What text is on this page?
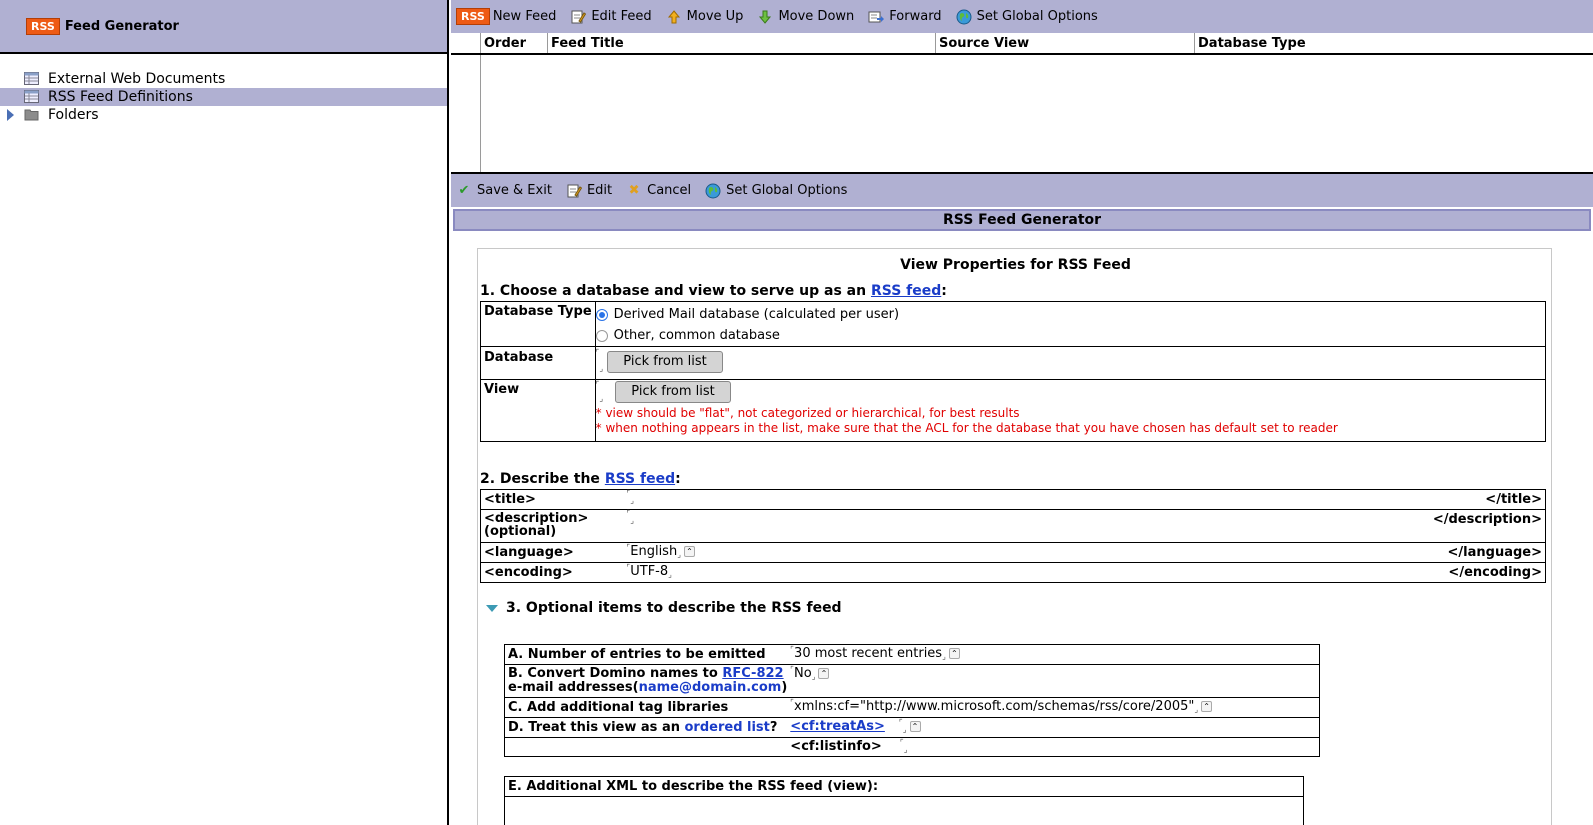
RSS Feed Generator
External Web Documents
RSS Feed Definitions
Folders
RSS New Feed	Edit Feed	Move Up	Move Down	Forward	Set Global Options
Order	Feed Title	Source View	Database Type
✔ Save & Exit	Edit ✖ Cancel	Set Global Options
RSS Feed Generator
View Properties for RSS Feed
1. Choose a database and view to serve up as an RSS feed:
Database Type	Derived Mail database (calculated per user)
Other, common database

Database	⌜⌟ Pick from list
View	⌜⌟ Pick from list
* view should be "flat", not categorized or hierarchical, for best results
* when nothing appears in the list, make sure that the ACL for the database that you have chosen has default set to reader
2. Describe the RSS feed:
<title>	⌜⌟	</title>

<description>
(optional)	⌜⌟	</description>
<language>	⌜English⌟ ⌃	</language>
<encoding>	⌜UTF-8⌟	</encoding>
3. Optional items to describe the RSS feed
A. Number of entries to be emitted	⌜30 most recent entries⌟ ⌃

B. Convert Domino names to RFC-822
e-mail addresses(name@domain.com)	⌜No⌟ ⌃
C. Add additional tag libraries	⌜xmlns:cf="http://www.microsoft.com/schemas/rss/core/2005"⌟ ⌃
D. Treat this view as an ordered list?	<cf:treatAs> ⌜⌟ ⌃
	<cf:listinfo> ⌜⌟
E. Additional XML to describe the RSS feed (view):
